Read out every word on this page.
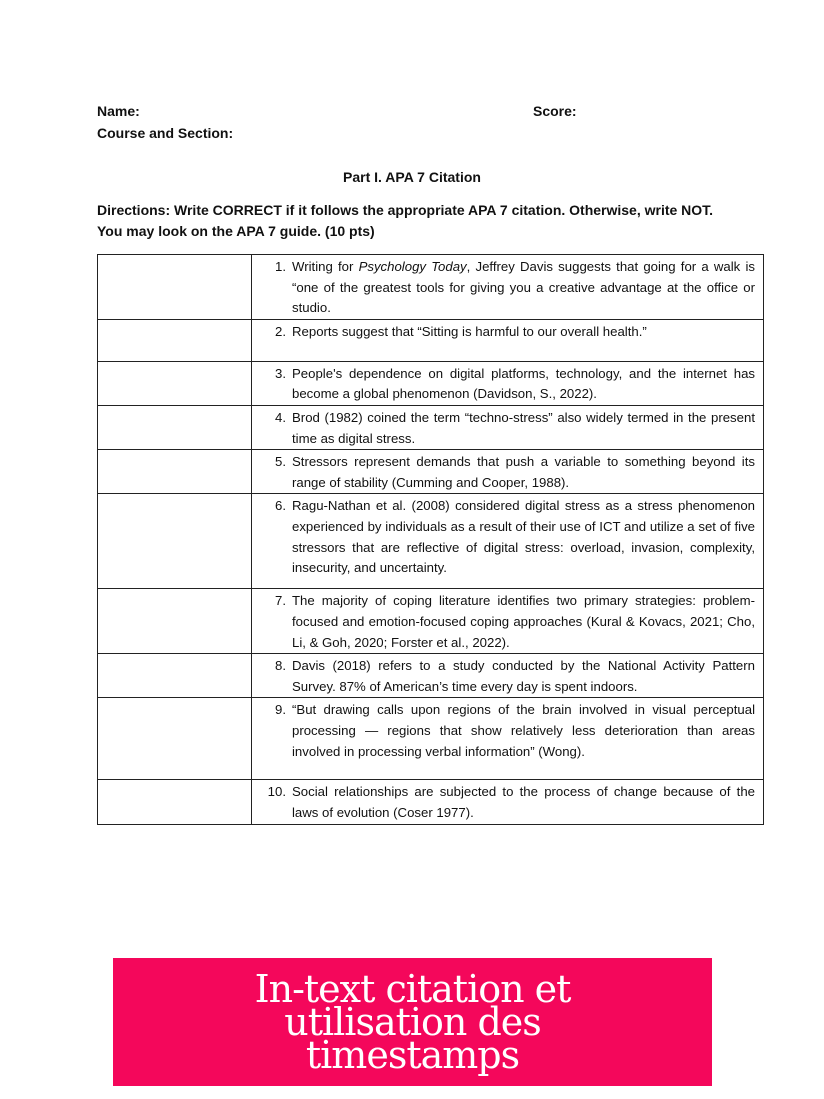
Name:	Score:
Course and Section:
Part I. APA 7 Citation
Directions: Write CORRECT if it follows the appropriate APA 7 citation. Otherwise, write NOT. You may look on the APA 7 guide. (10 pts)

	1. Writing for Psychology Today, Jeffrey Davis suggests that going for a walk is “one of the greatest tools for giving you a creative advantage at the office or studio.

	2. Reports suggest that “Sitting is harmful to our overall health.”

	3. People's dependence on digital platforms, technology, and the internet has become a global phenomenon (Davidson, S., 2022).

	4. Brod (1982) coined the term “techno-stress” also widely termed in the present time as digital stress.

	5. Stressors represent demands that push a variable to something beyond its range of stability (Cumming and Cooper, 1988).

	6. Ragu-Nathan et al. (2008) considered digital stress as a stress phenomenon experienced by individuals as a result of their use of ICT and utilize a set of five stressors that are reflective of digital stress: overload, invasion, complexity, insecurity, and uncertainty.

	7. The majority of coping literature identifies two primary strategies: problem-focused and emotion-focused coping approaches (Kural & Kovacs, 2021; Cho, Li, & Goh, 2020; Forster et al., 2022).

	8. Davis (2018) refers to a study conducted by the National Activity Pattern Survey. 87% of American’s time every day is spent indoors.

	9. “But drawing calls upon regions of the brain involved in visual perceptual processing — regions that show relatively less deterioration than areas involved in processing verbal information” (Wong).

	10. Social relationships are subjected to the process of change because of the laws of evolution (Coser 1977).
In-text citation et utilisation des timestamps
